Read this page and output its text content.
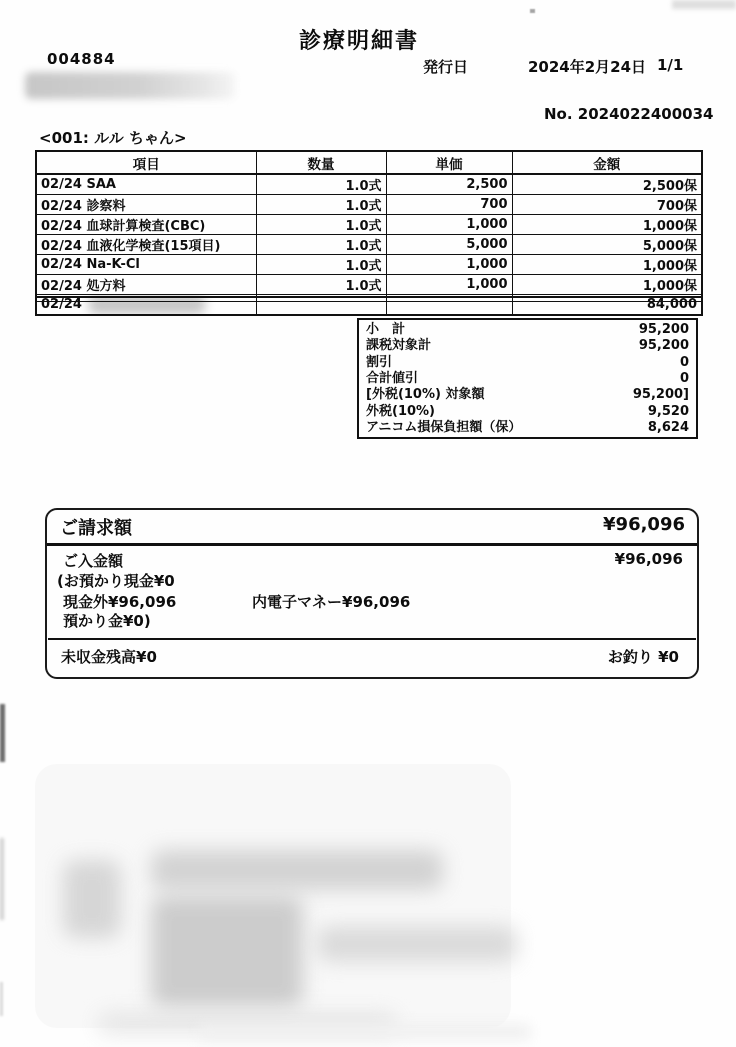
004884
診療明細書
発行日	2024年2月24日 1/1
No. 2024022400034
<001: ルル ちゃん>
項目	数量	単価	金額
02/24 SAA	1.0式	2,500	2,500保
02/24 診察料	1.0式	700	700保
02/24 血球計算検査(CBC)	1.0式	1,000	1,000保
02/24 血液化学検査(15項目)	1.0式	5,000	5,000保
02/24 Na-K-Cl	1.0式	1,000	1,000保
02/24 処方料	1.0式	1,000	1,000保
02/24			84,000
小　計	95,200
課税対象計	95,200
割引	0
合計値引	0
[外税(10%) 対象額	95,200]
外税(10%)	9,520
アニコム損保負担額（保）	8,624
ご請求額	¥96,096
ご入金額	¥96,096
(お預かり現金¥0
現金外¥96,096	内電子マネー¥96,096
預かり金¥0)
未収金残高¥0	お釣り ¥0
